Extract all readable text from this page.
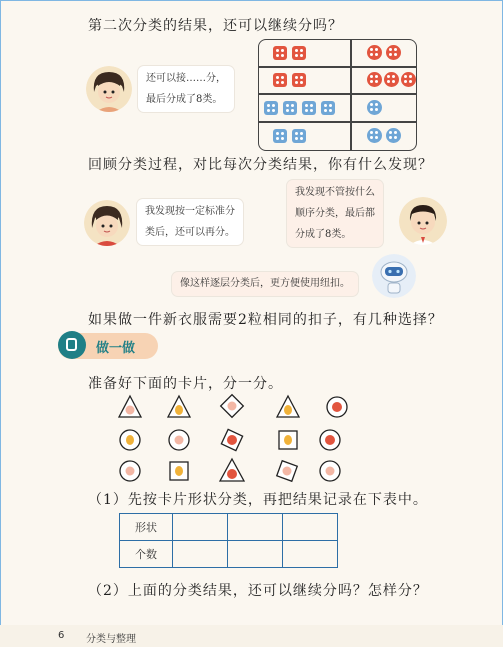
第二次分类的结果，还可以继续分吗？
还可以接……分，
最后分成了8类。
回顾分类过程，对比每次分类结果，你有什么发现？
我发现按一定标准分
类后，还可以再分。
我发现不管按什么
顺序分类，最后都
分成了8类。
像这样逐层分类后，更方便使用纽扣。
如果做一件新衣服需要2粒相同的扣子，有几种选择？
做一做
准备好下面的卡片，分一分。
（1）先按卡片形状分类，再把结果记录在下表中。
形状			
个数			
（2）上面的分类结果，还可以继续分吗？怎样分？
6 分类与整理
